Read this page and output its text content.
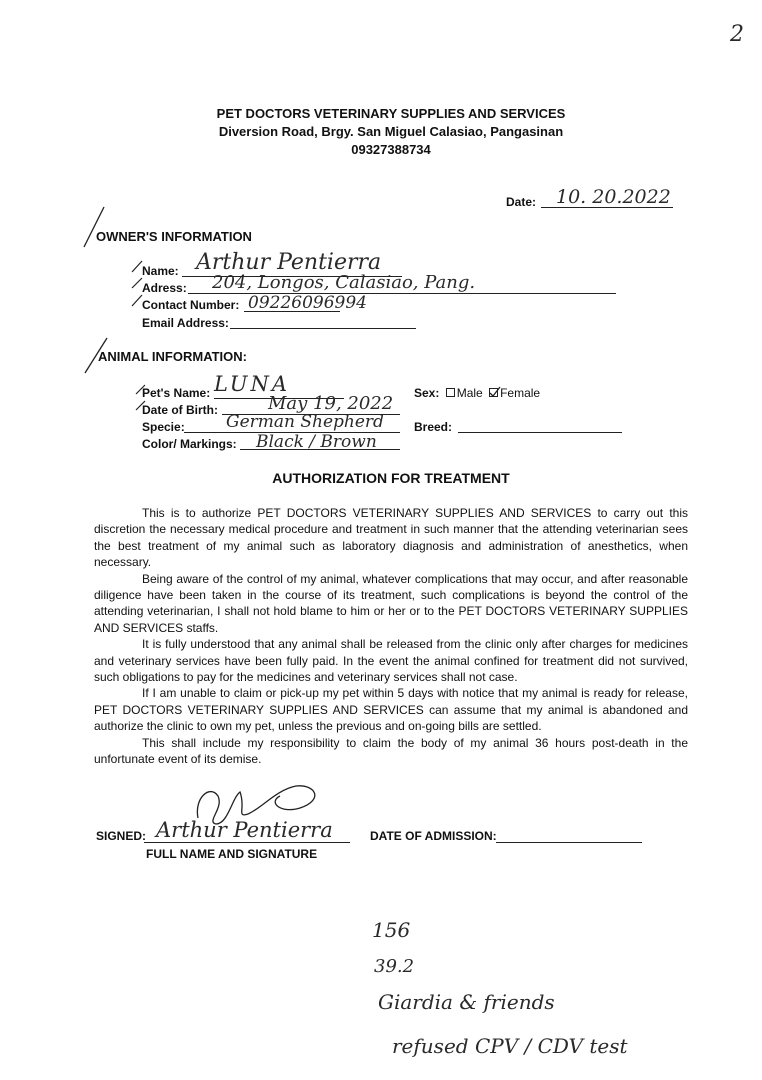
2
PET DOCTORS VETERINARY SUPPLIES AND SERVICES
Diversion Road, Brgy. San Miguel Calasiao, Pangasinan
09327388734
Date: 10. 20.2022
OWNER'S INFORMATION
Name: Arthur Pentierra
Adress: 204, Longos, Calasiao, Pang.
Contact Number: 09226096994
Email Address:
ANIMAL INFORMATION:
Pet's Name: LUNA	Sex: Male Female
Date of Birth:	May 19, 2022
Specie: German Shepherd	Breed:
Color/ Markings: Black / Brown
AUTHORIZATION FOR TREATMENT

This is to authorize PET DOCTORS VETERINARY SUPPLIES AND SERVICES to carry out this discretion the necessary medical procedure and treatment in such manner that the attending veterinarian sees the best treatment of my animal such as laboratory diagnosis and administration of anesthetics, when necessary.

Being aware of the control of my animal, whatever complications that may occur, and after reasonable diligence have been taken in the course of its treatment, such complications is beyond the control of the attending veterinarian, I shall not hold blame to him or her or to the PET DOCTORS VETERINARY SUPPLIES AND SERVICES staffs.

It is fully understood that any animal shall be released from the clinic only after charges for medicines and veterinary services have been fully paid. In the event the animal confined for treatment did not survived, such obligations to pay for the medicines and veterinary services shall not case.

If I am unable to claim or pick-up my pet within 5 days with notice that my animal is ready for release, PET DOCTORS VETERINARY SUPPLIES AND SERVICES can assume that my animal is abandoned and authorize the clinic to own my pet, unless the previous and on-going bills are settled.

This shall include my responsibility to claim the body of my animal 36 hours post-death in the unfortunate event of its demise.

SIGNED: Arthur Pentierra
FULL NAME AND SIGNATURE
DATE OF ADMISSION:
156
39.2
Giardia & friends
refused CPV / CDV test
